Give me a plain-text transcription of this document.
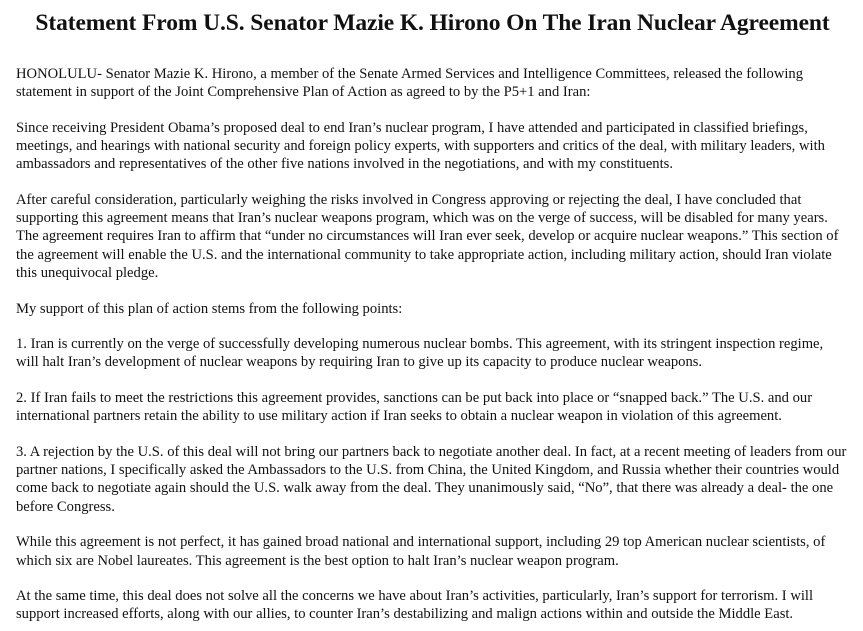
Statement From U.S. Senator Mazie K. Hirono On The Iran Nuclear Agreement

HONOLULU- Senator Mazie K. Hirono, a member of the Senate Armed Services and Intelligence Committees, released the following statement in support of the Joint Comprehensive Plan of Action as agreed to by the P5+1 and Iran:

Since receiving President Obama’s proposed deal to end Iran’s nuclear program, I have attended and participated in classified briefings, meetings, and hearings with national security and foreign policy experts, with supporters and critics of the deal, with military leaders, with ambassadors and representatives of the other five nations involved in the negotiations, and with my constituents.

After careful consideration, particularly weighing the risks involved in Congress approving or rejecting the deal, I have concluded that supporting this agreement means that Iran’s nuclear weapons program, which was on the verge of success, will be disabled for many years. The agreement requires Iran to affirm that “under no circumstances will Iran ever seek, develop or acquire nuclear weapons.” This section of the agreement will enable the U.S. and the international community to take appropriate action, including military action, should Iran violate this unequivocal pledge.

My support of this plan of action stems from the following points:

1. Iran is currently on the verge of successfully developing numerous nuclear bombs. This agreement, with its stringent inspection regime, will halt Iran’s development of nuclear weapons by requiring Iran to give up its capacity to produce nuclear weapons.

2. If Iran fails to meet the restrictions this agreement provides, sanctions can be put back into place or “snapped back.” The U.S. and our international partners retain the ability to use military action if Iran seeks to obtain a nuclear weapon in violation of this agreement.

3. A rejection by the U.S. of this deal will not bring our partners back to negotiate another deal. In fact, at a recent meeting of leaders from our partner nations, I specifically asked the Ambassadors to the U.S. from China, the United Kingdom, and Russia whether their countries would come back to negotiate again should the U.S. walk away from the deal. They unanimously said, “No”, that there was already a deal- the one before Congress.

While this agreement is not perfect, it has gained broad national and international support, including 29 top American nuclear scientists, of which six are Nobel laureates. This agreement is the best option to halt Iran’s nuclear weapon program.

At the same time, this deal does not solve all the concerns we have about Iran’s activities, particularly, Iran’s support for terrorism. I will support increased efforts, along with our allies, to counter Iran’s destabilizing and malign actions within and outside the Middle East.
